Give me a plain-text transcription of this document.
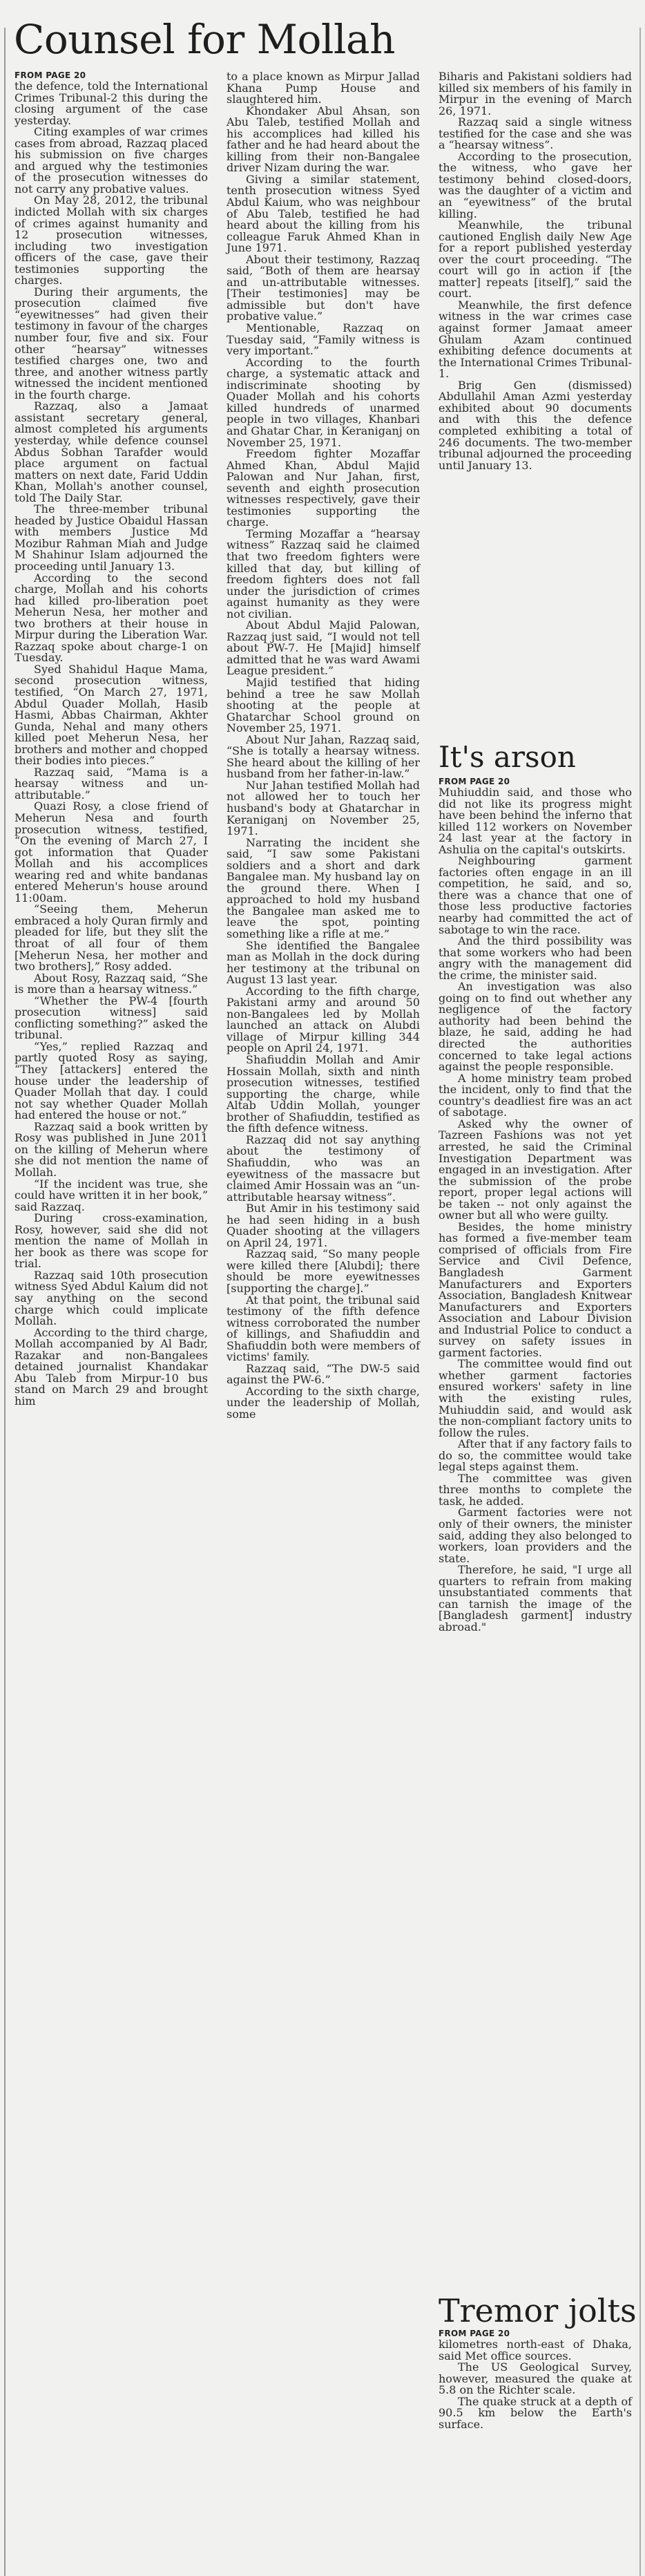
Counsel for Mollah
FROM PAGE 20

the defence, told the International Crimes Tribunal-2 this during the closing argument of the case yesterday.

Citing examples of war crimes cases from abroad, Razzaq placed his submission on five charges and argued why the testimonies of the prosecution witnesses do not carry any probative values.

On May 28, 2012, the tribunal indicted Mollah with six charges of crimes against humanity and 12 prosecution witnesses, including two investigation officers of the case, gave their testimonies supporting the charges.

During their arguments, the prosecution claimed five “eyewitnesses” had given their testimony in favour of the charges number four, five and six. Four other “hearsay” witnesses testified charges one, two and three, and another witness partly witnessed the incident mentioned in the fourth charge.

Razzaq, also a Jamaat assistant secretary general, almost completed his arguments yesterday, while defence counsel Abdus Sobhan Tarafder would place argument on factual matters on next date, Farid Uddin Khan, Mollah's another counsel, told The Daily Star.

The three-member tribunal headed by Justice Obaidul Hassan with members Justice Md Mozibur Rahman Miah and Judge M Shahinur Islam adjourned the proceeding until January 13.

According to the second charge, Mollah and his cohorts had killed pro-liberation poet Meherun Nesa, her mother and two brothers at their house in Mirpur during the Liberation War. Razzaq spoke about charge-1 on Tuesday.

Syed Shahidul Haque Mama, second prosecution witness, testified, “On March 27, 1971, Abdul Quader Mollah, Hasib Hasmi, Abbas Chairman, Akhter Gunda, Nehal and many others killed poet Meherun Nesa, her brothers and mother and chopped their bodies into pieces.”

Razzaq said, “Mama is a hearsay witness and un-attributable.”

Quazi Rosy, a close friend of Meherun Nesa and fourth prosecution witness, testified, “On the evening of March 27, I got information that Quader Mollah and his accomplices wearing red and white bandanas entered Meherun's house around 11:00am.

“Seeing them, Meherun embraced a holy Quran firmly and pleaded for life, but they slit the throat of all four of them [Meherun Nesa, her mother and two brothers],” Rosy added.

About Rosy, Razzaq said, “She is more than a hearsay witness.”

“Whether the PW-4 [fourth prosecution witness] said conflicting something?” asked the tribunal.

“Yes,” replied Razzaq and partly quoted Rosy as saying, “They [attackers] entered the house under the leadership of Quader Mollah that day. I could not say whether Quader Mollah had entered the house or not.”

Razzaq said a book written by Rosy was published in June 2011 on the killing of Meherun where she did not mention the name of Mollah.

“If the incident was true, she could have written it in her book,” said Razzaq.

During cross-examination, Rosy, however, said she did not mention the name of Mollah in her book as there was scope for trial.

Razzaq said 10th prosecution witness Syed Abdul Kaium did not say anything on the second charge which could implicate Mollah.

According to the third charge, Mollah accompanied by Al Badr, Razakar and non-Bangalees detained journalist Khandakar Abu Taleb from Mirpur-10 bus stand on March 29 and brought him

to a place known as Mirpur Jallad Khana Pump House and slaughtered him.

Khondaker Abul Ahsan, son Abu Taleb, testified Mollah and his accomplices had killed his father and he had heard about the killing from their non-Bangalee driver Nizam during the war.

Giving a similar statement, tenth prosecution witness Syed Abdul Kaium, who was neighbour of Abu Taleb, testified he had heard about the killing from his colleague Faruk Ahmed Khan in June 1971.

About their testimony, Razzaq said, “Both of them are hearsay and un-attributable witnesses. [Their testimonies] may be admissible but don't have probative value.”

Mentionable, Razzaq on Tuesday said, “Family witness is very important.”

According to the fourth charge, a systematic attack and indiscriminate shooting by Quader Mollah and his cohorts killed hundreds of unarmed people in two villages, Khanbari and Ghatar Char, in Keraniganj on November 25, 1971.

Freedom fighter Mozaffar Ahmed Khan, Abdul Majid Palowan and Nur Jahan, first, seventh and eighth prosecution witnesses respectively, gave their testimonies supporting the charge.

Terming Mozaffar a “hearsay witness” Razzaq said he claimed that two freedom fighters were killed that day, but killing of freedom fighters does not fall under the jurisdiction of crimes against humanity as they were not civilian.

About Abdul Majid Palowan, Razzaq just said, “I would not tell about PW-7. He [Majid] himself admitted that he was ward Awami League president.”

Majid testified that hiding behind a tree he saw Mollah shooting at the people at Ghatarchar School ground on November 25, 1971.

About Nur Jahan, Razzaq said, “She is totally a hearsay witness. She heard about the killing of her husband from her father-in-law.”

Nur Jahan testified Mollah had not allowed her to touch her husband's body at Ghatarchar in Keraniganj on November 25, 1971.

Narrating the incident she said, “I saw some Pakistani soldiers and a short and dark Bangalee man. My husband lay on the ground there. When I approached to hold my husband the Bangalee man asked me to leave the spot, pointing something like a rifle at me.”

She identified the Bangalee man as Mollah in the dock during her testimony at the tribunal on August 13 last year.

According to the fifth charge, Pakistani army and around 50 non-Bangalees led by Mollah launched an attack on Alubdi village of Mirpur killing 344 people on April 24, 1971.

Shafiuddin Mollah and Amir Hossain Mollah, sixth and ninth prosecution witnesses, testified supporting the charge, while Altab Uddin Mollah, younger brother of Shafiuddin, testified as the fifth defence witness.

Razzaq did not say anything about the testimony of Shafiuddin, who was an eyewitness of the massacre but claimed Amir Hossain was an “un-attributable hearsay witness”.

But Amir in his testimony said he had seen hiding in a bush Quader shooting at the villagers on April 24, 1971.

Razzaq said, “So many people were killed there [Alubdi]; there should be more eyewitnesses [supporting the charge].”

At that point, the tribunal said testimony of the fifth defence witness corroborated the number of killings, and Shafiuddin and Shafiuddin both were members of victims' family.

Razzaq said, “The DW-5 said against the PW-6.”

According to the sixth charge, under the leadership of Mollah, some

Biharis and Pakistani soldiers had killed six members of his family in Mirpur in the evening of March 26, 1971.

Razzaq said a single witness testified for the case and she was a “hearsay witness”.

According to the prosecution, the witness, who gave her testimony behind closed-doors, was the daughter of a victim and an “eyewitness” of the brutal killing.

Meanwhile, the tribunal cautioned English daily New Age for a report published yesterday over the court proceeding. “The court will go in action if [the matter] repeats [itself],” said the court.

Meanwhile, the first defence witness in the war crimes case against former Jamaat ameer Ghulam Azam continued exhibiting defence documents at the International Crimes Tribunal-1.

Brig Gen (dismissed) Abdullahil Aman Azmi yesterday exhibited about 90 documents and with this the defence completed exhibiting a total of 246 documents. The two-member tribunal adjourned the proceeding until January 13.

It's arson
FROM PAGE 20

Muhiuddin said, and those who did not like its progress might have been behind the inferno that killed 112 workers on November 24 last year at the factory in Ashulia on the capital's outskirts.

Neighbouring garment factories often engage in an ill competition, he said, and so, there was a chance that one of those less productive factories nearby had committed the act of sabotage to win the race.

And the third possibility was that some workers who had been angry with the management did the crime, the minister said.

An investigation was also going on to find out whether any negligence of the factory authority had been behind the blaze, he said, adding he had directed the authorities concerned to take legal actions against the people responsible.

A home ministry team probed the incident, only to find that the country's deadliest fire was an act of sabotage.

Asked why the owner of Tazreen Fashions was not yet arrested, he said the Criminal Investigation Department was engaged in an investigation. After the submission of the probe report, proper legal actions will be taken -- not only against the owner but all who were guilty.

Besides, the home ministry has formed a five-member team comprised of officials from Fire Service and Civil Defence, Bangladesh Garment Manufacturers and Exporters Association, Bangladesh Knitwear Manufacturers and Exporters Association and Labour Division and Industrial Police to conduct a survey on safety issues in garment factories.

The committee would find out whether garment factories ensured workers' safety in line with the existing rules, Muhiuddin said, and would ask the non-compliant factory units to follow the rules.

After that if any factory fails to do so, the committee would take legal steps against them.

The committee was given three months to complete the task, he added.

Garment factories were not only of their owners, the minister said, adding they also belonged to workers, loan providers and the state.

Therefore, he said, "I urge all quarters to refrain from making unsubstantiated comments that can tarnish the image of the [Bangladesh garment] industry abroad."

Tremor jolts
FROM PAGE 20

kilometres north-east of Dhaka, said Met office sources.

The US Geological Survey, however, measured the quake at 5.8 on the Richter scale.

The quake struck at a depth of 90.5 km below the Earth's surface.
